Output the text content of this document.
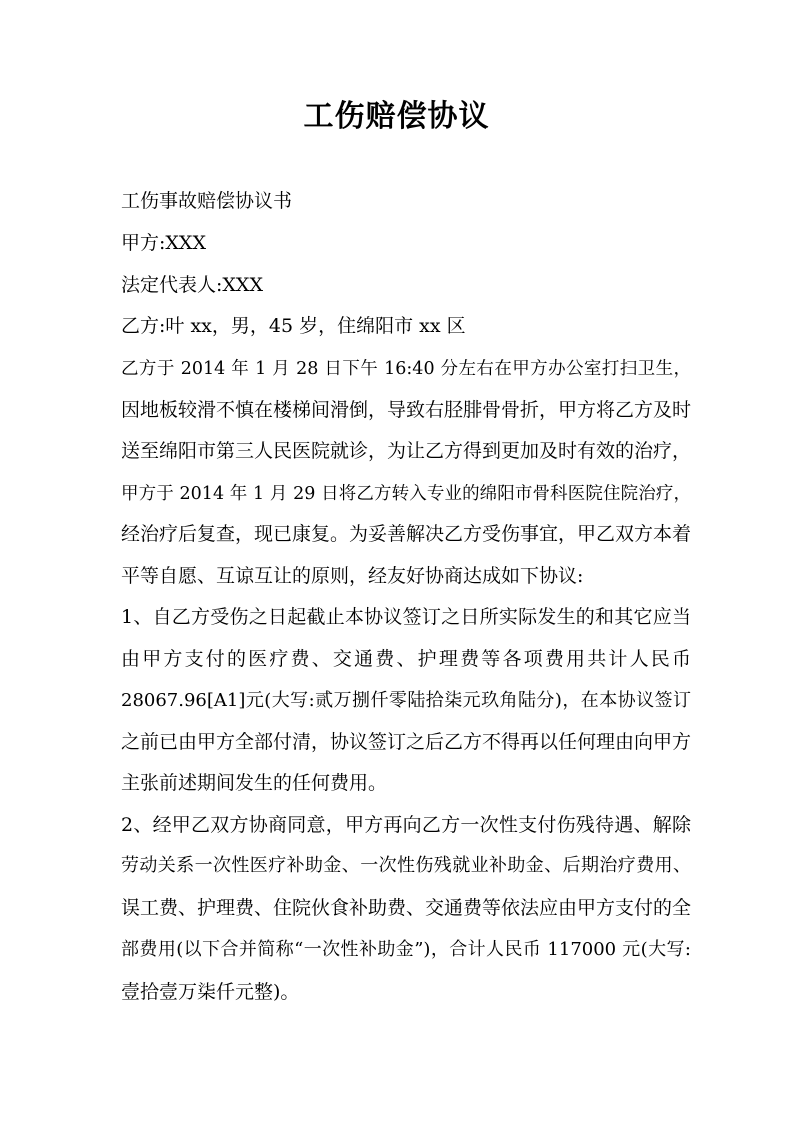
工伤赔偿协议
工伤事故赔偿协议书
甲方:XXX
法定代表人:XXX
乙方:叶 xx，男，45 岁，住绵阳市 xx 区
乙方于 2014 年 1 月 28 日下午 16:40 分左右在甲方办公室打扫卫生，
因地板较滑不慎在楼梯间滑倒，导致右胫腓骨骨折，甲方将乙方及时
送至绵阳市第三人民医院就诊，为让乙方得到更加及时有效的治疗，
甲方于 2014 年 1 月 29 日将乙方转入专业的绵阳市骨科医院住院治疗，
经治疗后复查，现已康复。为妥善解决乙方受伤事宜，甲乙双方本着
平等自愿、互谅互让的原则，经友好协商达成如下协议:
1、自乙方受伤之日起截止本协议签订之日所实际发生的和其它应当
由甲方支付的医疗费、交通费、护理费等各项费用共计人民币
28067.96[A1]元(大写:贰万捌仟零陆拾柒元玖角陆分)，在本协议签订
之前已由甲方全部付清，协议签订之后乙方不得再以任何理由向甲方
主张前述期间发生的任何费用。
2、经甲乙双方协商同意，甲方再向乙方一次性支付伤残待遇、解除
劳动关系一次性医疗补助金、一次性伤残就业补助金、后期治疗费用、
误工费、护理费、住院伙食补助费、交通费等依法应由甲方支付的全
部费用(以下合并简称“一次性补助金”)，合计人民币 117000 元(大写:
壹拾壹万柒仟元整)。
